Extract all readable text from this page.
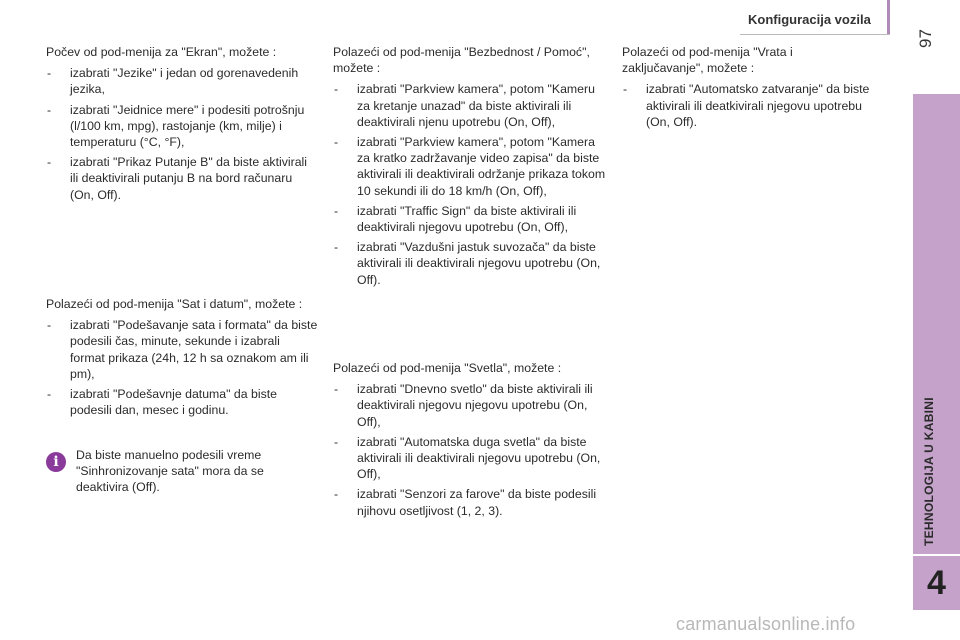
Konfiguracija vozila
97
TEHNOLOGIJA U KABINI
4

Počev od pod-menija za "Ekran", možete :

- izabrati "Jezike" i jedan od gorenavedenih jezika,
- izabrati "Jeidnice mere" i podesiti potrošnju (l/100 km, mpg), rastojanje (km, milje) i temperaturu (°C, °F),
- izabrati "Prikaz Putanje B" da biste aktivirali ili deaktivirali putanju B na bord računaru (On, Off).

Polazeći od pod-menija "Sat i datum", možete :

- izabrati "Podešavanje sata i formata" da biste podesili čas, minute, sekunde i izabrali format prikaza (24h, 12 h sa oznakom am ili pm),
- izabrati "Podešavnje datuma" da biste podesili dan, mesec i godinu.
i	Da biste manuelno podesili vreme "Sinhronizovanje sata" mora da se deaktivira (Off).

Polazeći od pod-menija "Bezbednost / Pomoć", možete :

- izabrati "Parkview kamera", potom "Kameru za kretanje unazad" da biste aktivirali ili deaktivirali njenu upotrebu (On, Off),
- izabrati "Parkview kamera", potom "Kamera za kratko zadržavanje video zapisa" da biste aktivirali ili deaktivirali održanje prikaza tokom 10 sekundi ili do 18 km/h (On, Off),
- izabrati "Traffic Sign" da biste aktivirali ili deaktivirali njegovu upotrebu (On, Off),
- izabrati "Vazdušni jastuk suvozača" da biste aktivirali ili deaktivirali njegovu upotrebu (On, Off).

Polazeći od pod-menija "Svetla", možete :

- izabrati "Dnevno svetlo" da biste aktivirali ili deaktivirali njegovu njegovu upotrebu (On, Off),
- izabrati "Automatska duga svetla" da biste aktivirali ili deaktivirali njegovu upotrebu (On, Off),
- izabrati "Senzori za farove" da biste podesili njihovu osetljivost (1, 2, 3).

Polazeći od pod-menija "Vrata i zaključavanje", možete :

- izabrati "Automatsko zatvaranje" da biste aktivirali ili deatkivirali njegovu upotrebu (On, Off).
carmanualsonline.info
